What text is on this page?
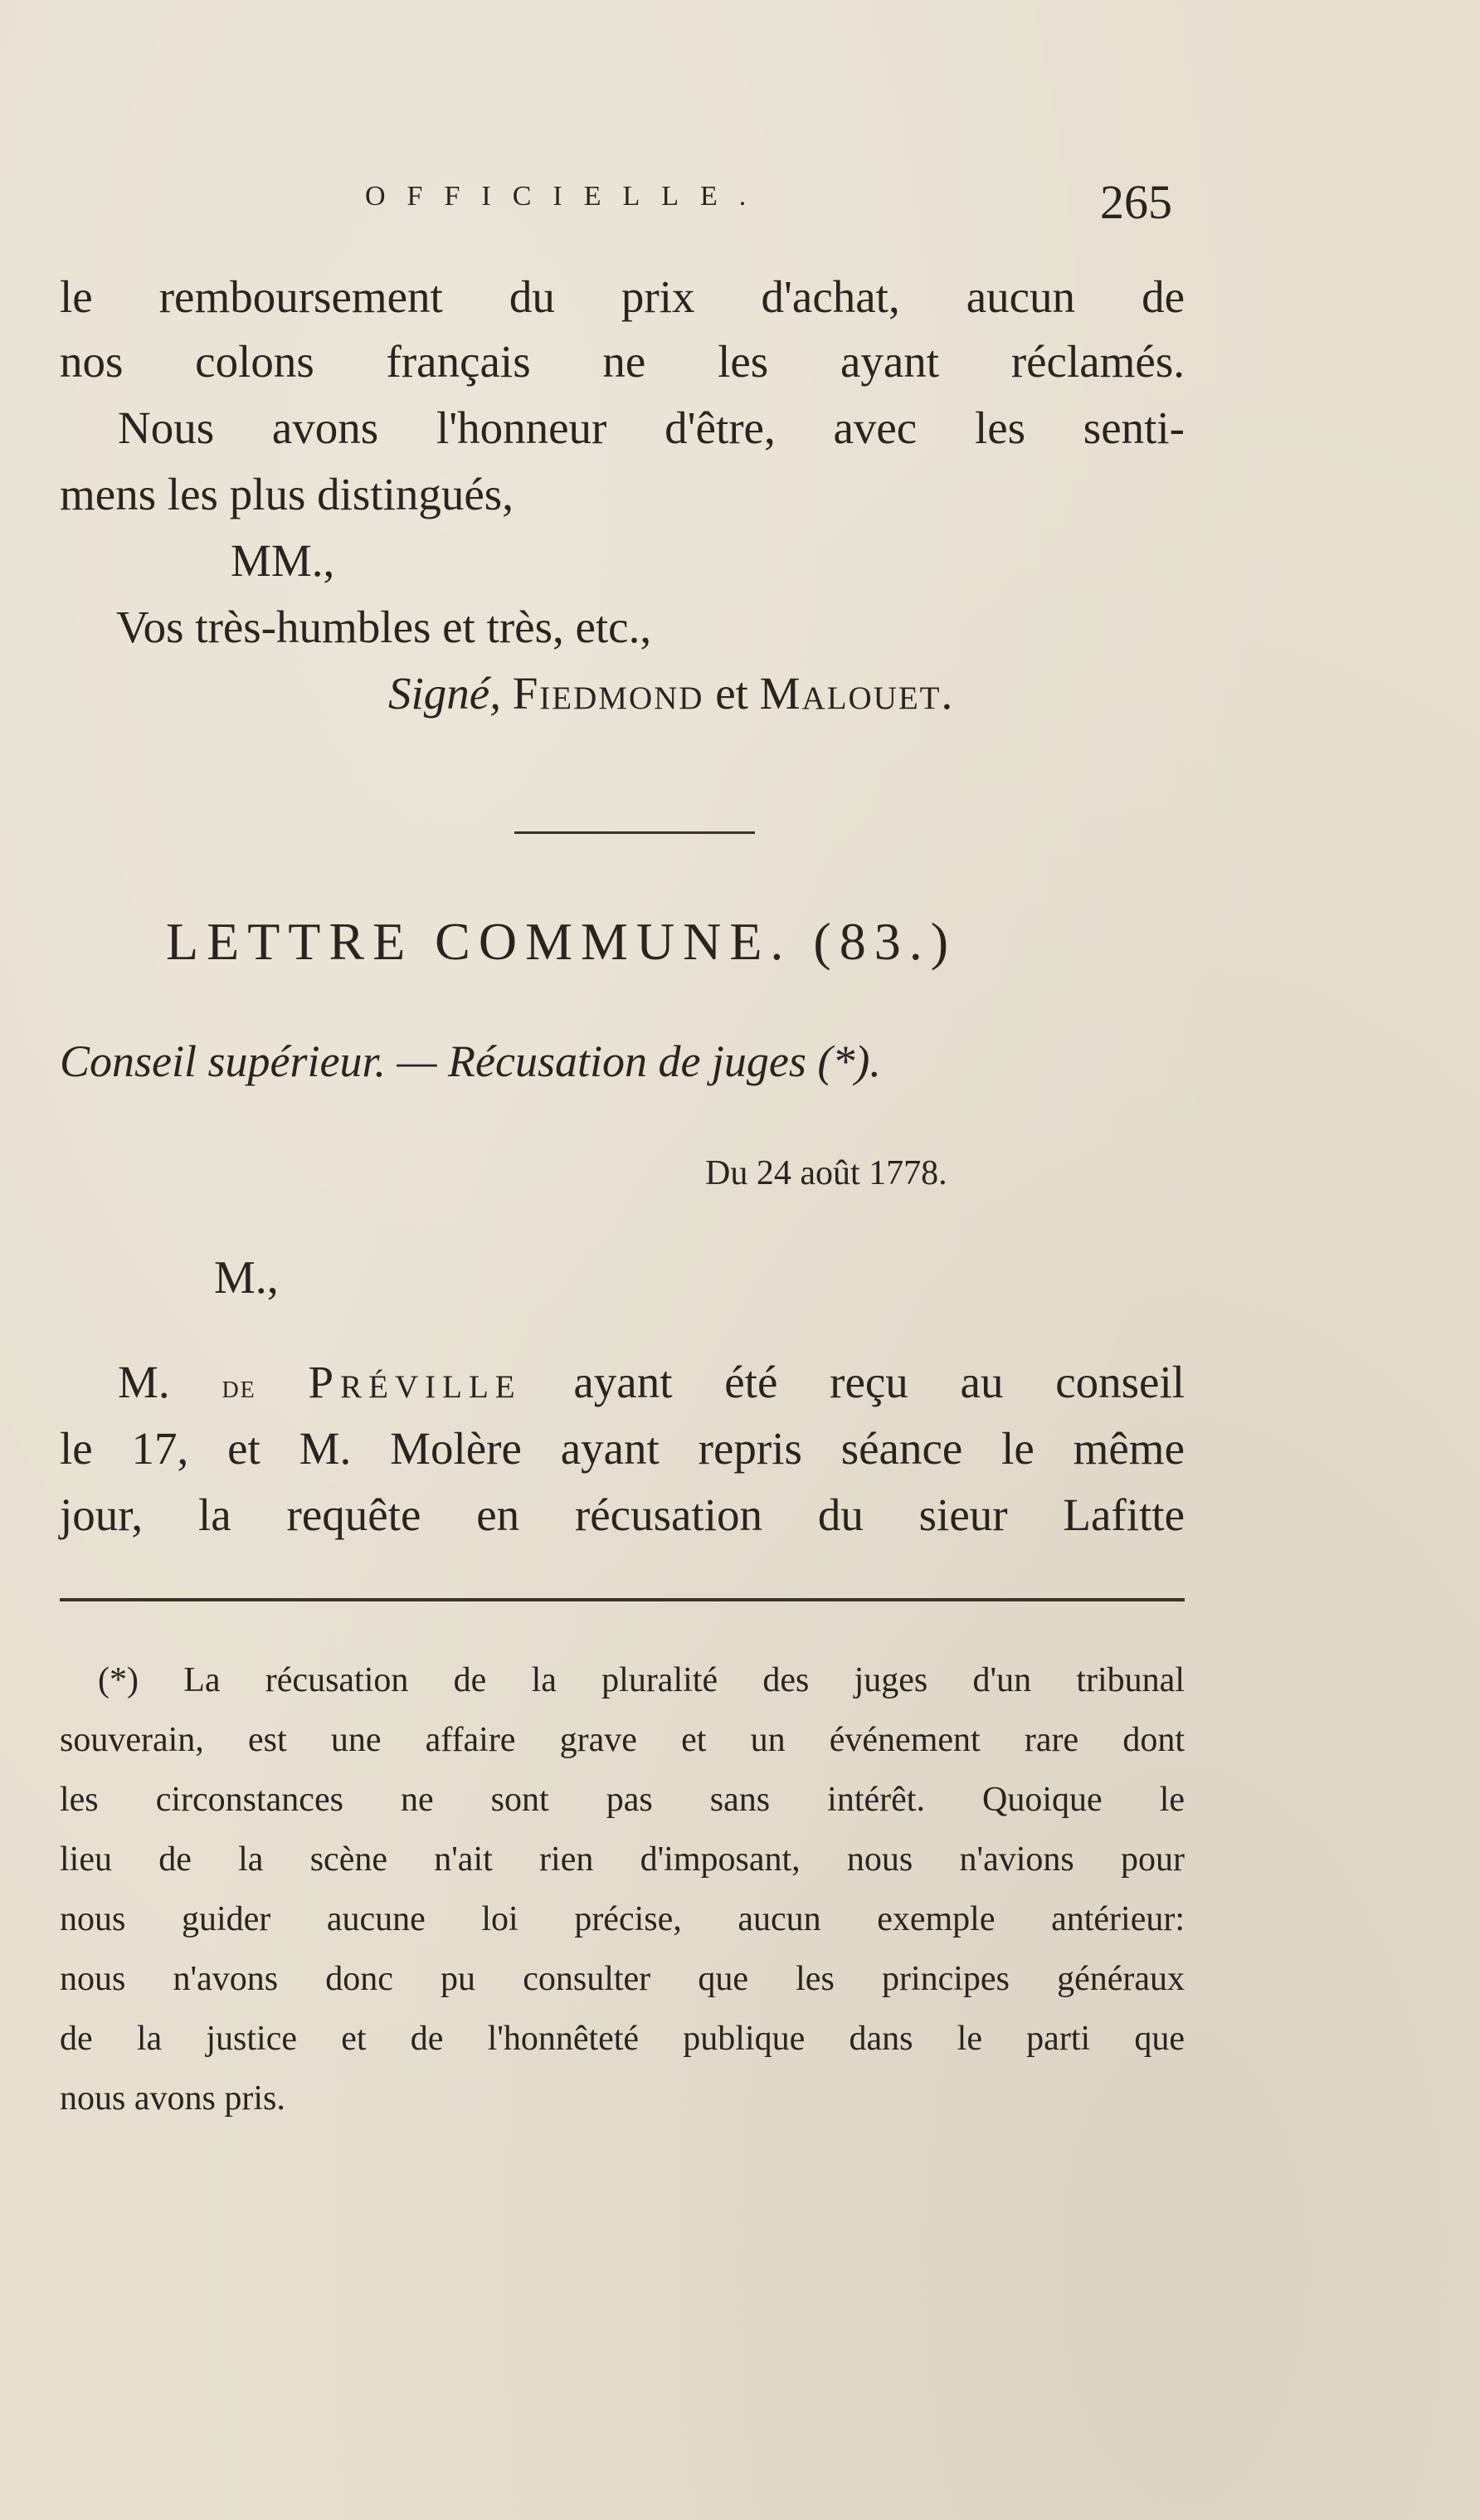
OFFICIELLE.	265
le remboursement du prix d'achat, aucun de
nos colons français ne les ayant réclamés.
Nous avons l'honneur d'être, avec les senti-
mens les plus distingués,
MM.,
Vos très-humbles et très, etc.,
Signé, Fiedmond et Malouet.
LETTRE COMMUNE. (83.)
Conseil supérieur. — Récusation de juges (*).
Du 24 août 1778.
M.,
M. de Préville ayant été reçu au conseil
le 17, et M. Molère ayant repris séance le même
jour, la requête en récusation du sieur Lafitte
(*) La récusation de la pluralité des juges d'un tribunal
souverain, est une affaire grave et un événement rare dont
les circonstances ne sont pas sans intérêt. Quoique le
lieu de la scène n'ait rien d'imposant, nous n'avions pour
nous guider aucune loi précise, aucun exemple antérieur:
nous n'avons donc pu consulter que les principes généraux
de la justice et de l'honnêteté publique dans le parti que
nous avons pris.
